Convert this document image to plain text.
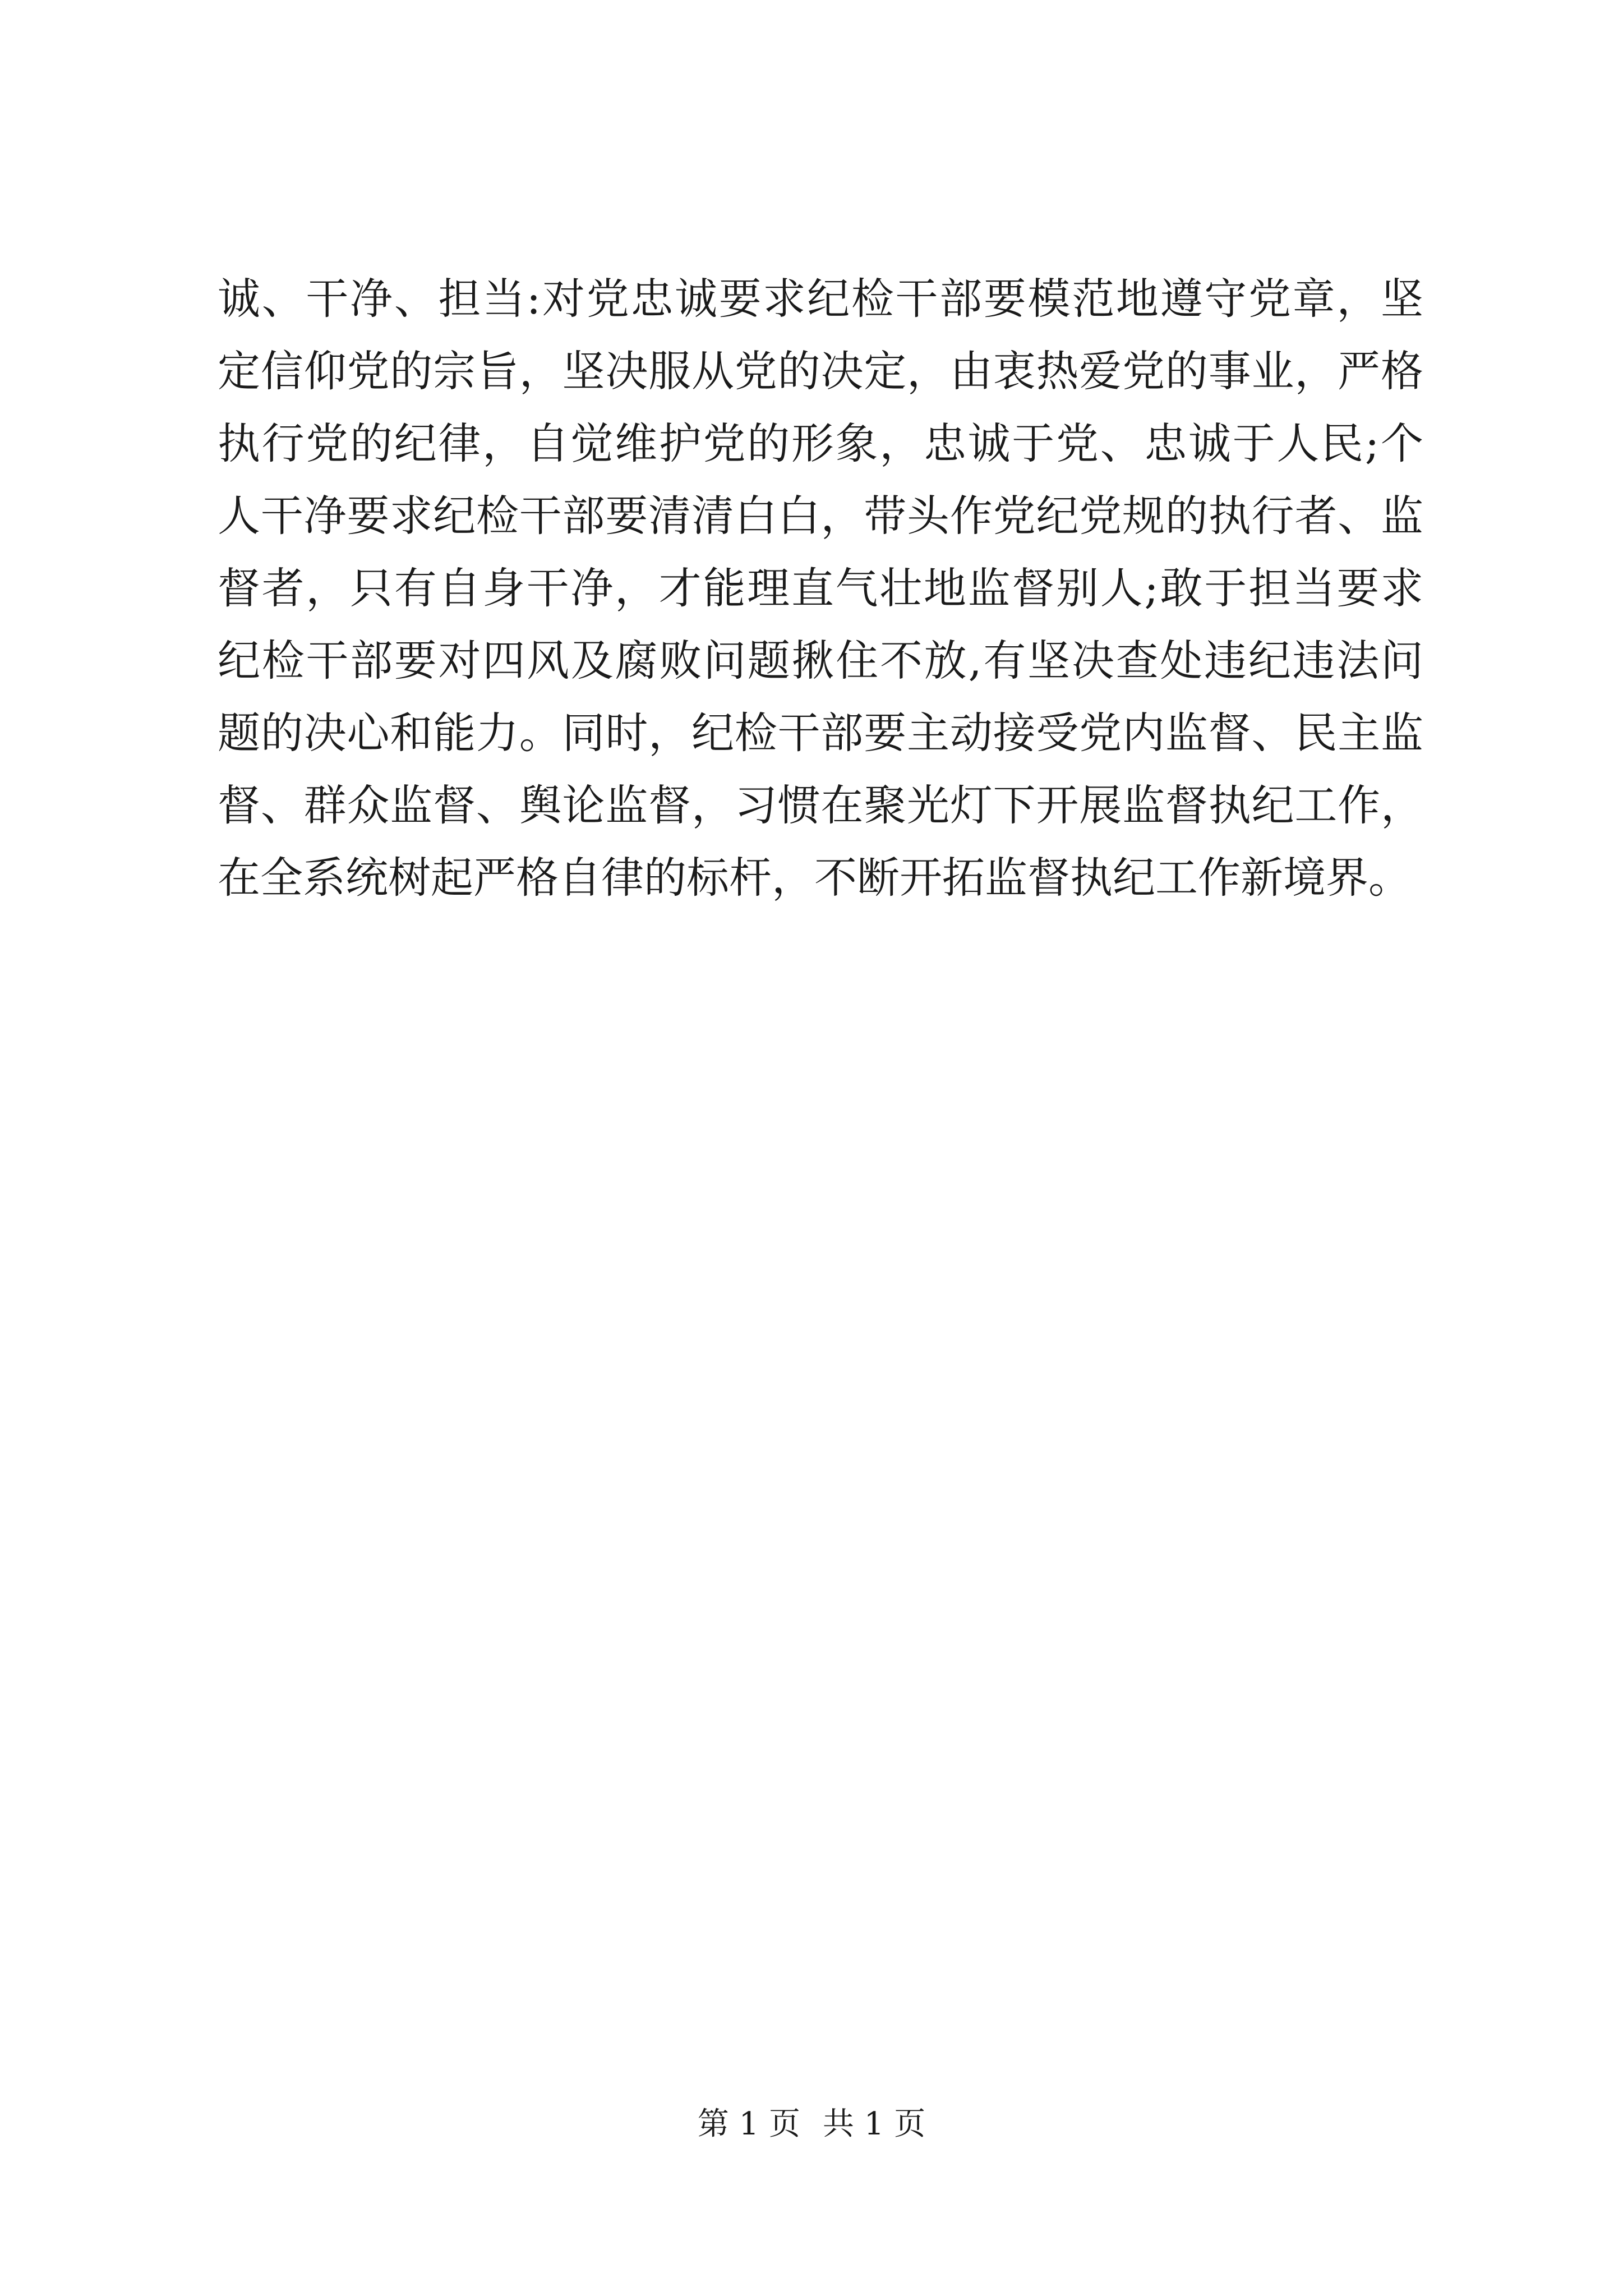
诚、干净、担当:对党忠诚要求纪检干部要模范地遵守党章，坚
定信仰党的宗旨，坚决服从党的决定，由衷热爱党的事业，严格
执行党的纪律，自觉维护党的形象，忠诚于党、忠诚于人民;个
人干净要求纪检干部要清清白白，带头作党纪党规的执行者、监
督者，只有自身干净，才能理直气壮地监督别人;敢于担当要求
纪检干部要对四风及腐败问题揪住不放,有坚决查处违纪违法问
题的决心和能力。同时，纪检干部要主动接受党内监督、民主监
督、群众监督、舆论监督，习惯在聚光灯下开展监督执纪工作，
在全系统树起严格自律的标杆，不断开拓监督执纪工作新境界。
第 1 页 共 1 页
